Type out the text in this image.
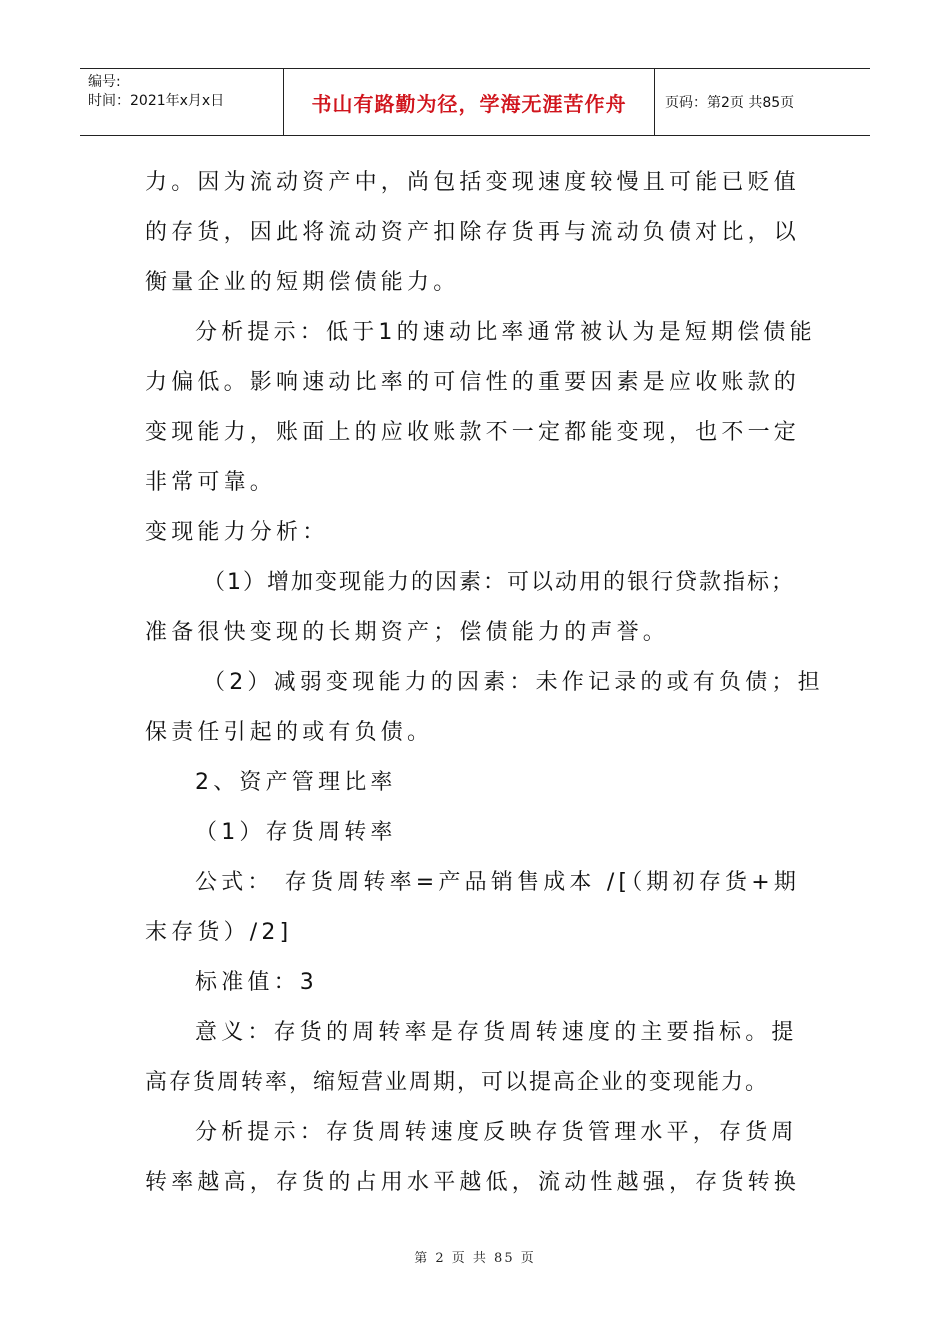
编号:
时间：2021年x月x日	书山有路勤为径，学海无涯苦作舟	页码：第2页 共85页

力。因为流动资产中，尚包括变现速度较慢且可能已贬值

的存货，因此将流动资产扣除存货再与流动负债对比，以

衡量企业的短期偿债能力。

分析提示：低于1的速动比率通常被认为是短期偿债能

力偏低。影响速动比率的可信性的重要因素是应收账款的

变现能力，账面上的应收账款不一定都能变现，也不一定

非常可靠。

变现能力分析：

（1）增加变现能力的因素：可以动用的银行贷款指标；

准备很快变现的长期资产；偿债能力的声誉。

（2）减弱变现能力的因素：未作记录的或有负债；担

保责任引起的或有负债。

2、资产管理比率

（1）存货周转率

公式： 存货周转率=产品销售成本 /[（期初存货+期

末存货）/2]

标准值：3

意义：存货的周转率是存货周转速度的主要指标。提

高存货周转率，缩短营业周期，可以提高企业的变现能力。

分析提示：存货周转速度反映存货管理水平，存货周

转率越高，存货的占用水平越低，流动性越强，存货转换

第 2 页 共 85 页
